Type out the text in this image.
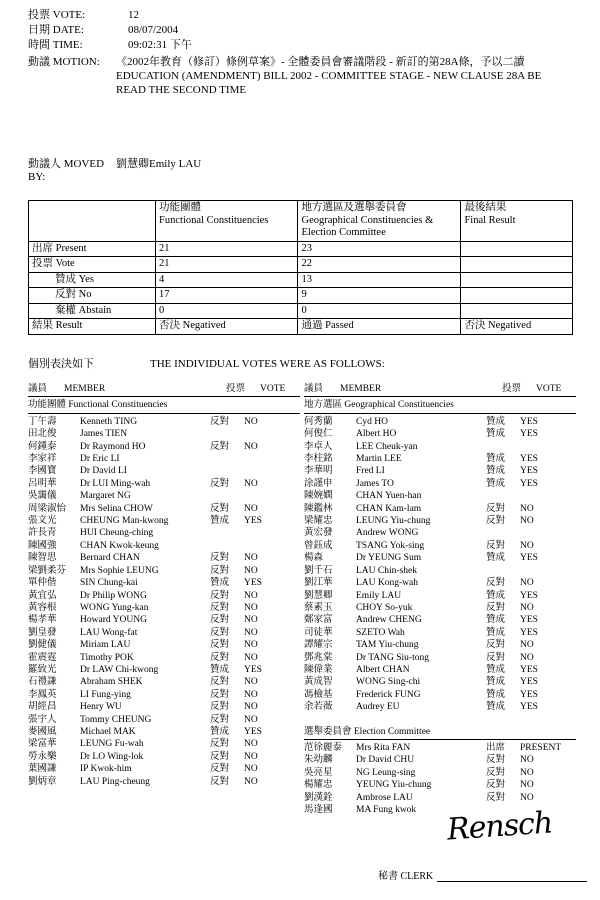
投票 VOTE:	12
日期 DATE:	08/07/2004
時間 TIME:	09:02:31 下午
動議 MOTION:	《2002年教育（修訂）條例草案》- 全體委員會審議階段 - 新訂的第28A條，予以二讀
EDUCATION (AMENDMENT) BILL 2002 - COMMITTEE STAGE - NEW CLAUSE 28A BE
READ THE SECOND TIME
動議人 MOVED BY:
劉慧卿Emily LAU

功能團體
Functional Constituencies

地方選區及選舉委員會
Geographical Constituencies &
Election Committee

最後結果
Final Result

出席 Present	21	23	
投票 Vote	21	22	
贊成 Yes	4	13	
反對 No	17	9	
棄權 Abstain	0	0	
結果 Result	否決 Negatived	通過 Passed	否決 Negatived
個別表決如下	THE INDIVIDUAL VOTES WERE AS FOLLOWS:
議員	MEMBER	投票	VOTE
功能團體 Functional Constituencies
丁午壽	Kenneth TING	反對	NO
田北俊	James TIEN
何鍾泰	Dr Raymond HO	反對	NO
李家祥	Dr Eric LI
李國寶	Dr David LI
呂明華	Dr LUI Ming-wah	反對	NO
吳靄儀	Margaret NG
周梁淑怡	Mrs Selina CHOW	反對	NO
張文光	CHEUNG Man-kwong	贊成	YES
許長青	HUI Cheung-ching
陳國強	CHAN Kwok-keung
陳智思	Bernard CHAN	反對	NO
梁劉柔芬	Mrs Sophie LEUNG	反對	NO
單仲偕	SIN Chung-kai	贊成	YES
黃宜弘	Dr Philip WONG	反對	NO
黃容根	WONG Yung-kan	反對	NO
楊孝華	Howard YOUNG	反對	NO
劉皇發	LAU Wong-fat	反對	NO
劉健儀	Miriam LAU	反對	NO
霍震霆	Timothy POK	反對	NO
羅致光	Dr LAW Chi-kwong	贊成	YES
石禮謙	Abraham SHEK	反對	NO
李鳳英	LI Fung-ying	反對	NO
胡經昌	Henry WU	反對	NO
張宇人	Tommy CHEUNG	反對	NO
麥國風	Michael MAK	贊成	YES
梁富華	LEUNG Fu-wah	反對	NO
勞永樂	Dr LO Wing-lok	反對	NO
葉國謙	IP Kwok-him	反對	NO
劉炳章	LAU Ping-cheung	反對	NO
議員	MEMBER	投票	VOTE
地方選區 Geographical Constituencies
何秀蘭	Cyd HO	贊成	YES
何俊仁	Albert HO	贊成	YES
李卓人	LEE Cheuk-yan
李柱銘	Martin LEE	贊成	YES
李華明	Fred LI	贊成	YES
涂謹申	James TO	贊成	YES
陳婉嫻	CHAN Yuen-han
陳鑑林	CHAN Kam-lam	反對	NO
梁耀忠	LEUNG Yiu-chung	反對	NO
黃宏發	Andrew WONG
曾鈺成	TSANG Yok-sing	反對	NO
楊森	Dr YEUNG Sum	贊成	YES
劉千石	LAU Chin-shek
劉江華	LAU Kong-wah	反對	NO
劉慧卿	Emily LAU	贊成	YES
蔡素玉	CHOY So-yuk	反對	NO
鄭家富	Andrew CHENG	贊成	YES
司徒華	SZETO Wah	贊成	YES
譚耀宗	TAM Yiu-chung	反對	NO
鄧兆棠	Dr TANG Siu-tong	反對	NO
陳偉業	Albert CHAN	贊成	YES
黃成智	WONG Sing-chi	贊成	YES
馮檢基	Frederick FUNG	贊成	YES
余若薇	Audrey EU	贊成	YES
選舉委員會 Election Committee
范徐麗泰	Mrs Rita FAN	出席	PRESENT
朱幼麟	Dr David CHU	反對	NO
吳亮星	NG Leung-sing	反對	NO
楊耀忠	YEUNG Yiu-chung	反對	NO
劉漢銓	Ambrose LAU	反對	NO
馬逢國	MA Fung kwok Rensch
秘書 CLERK
